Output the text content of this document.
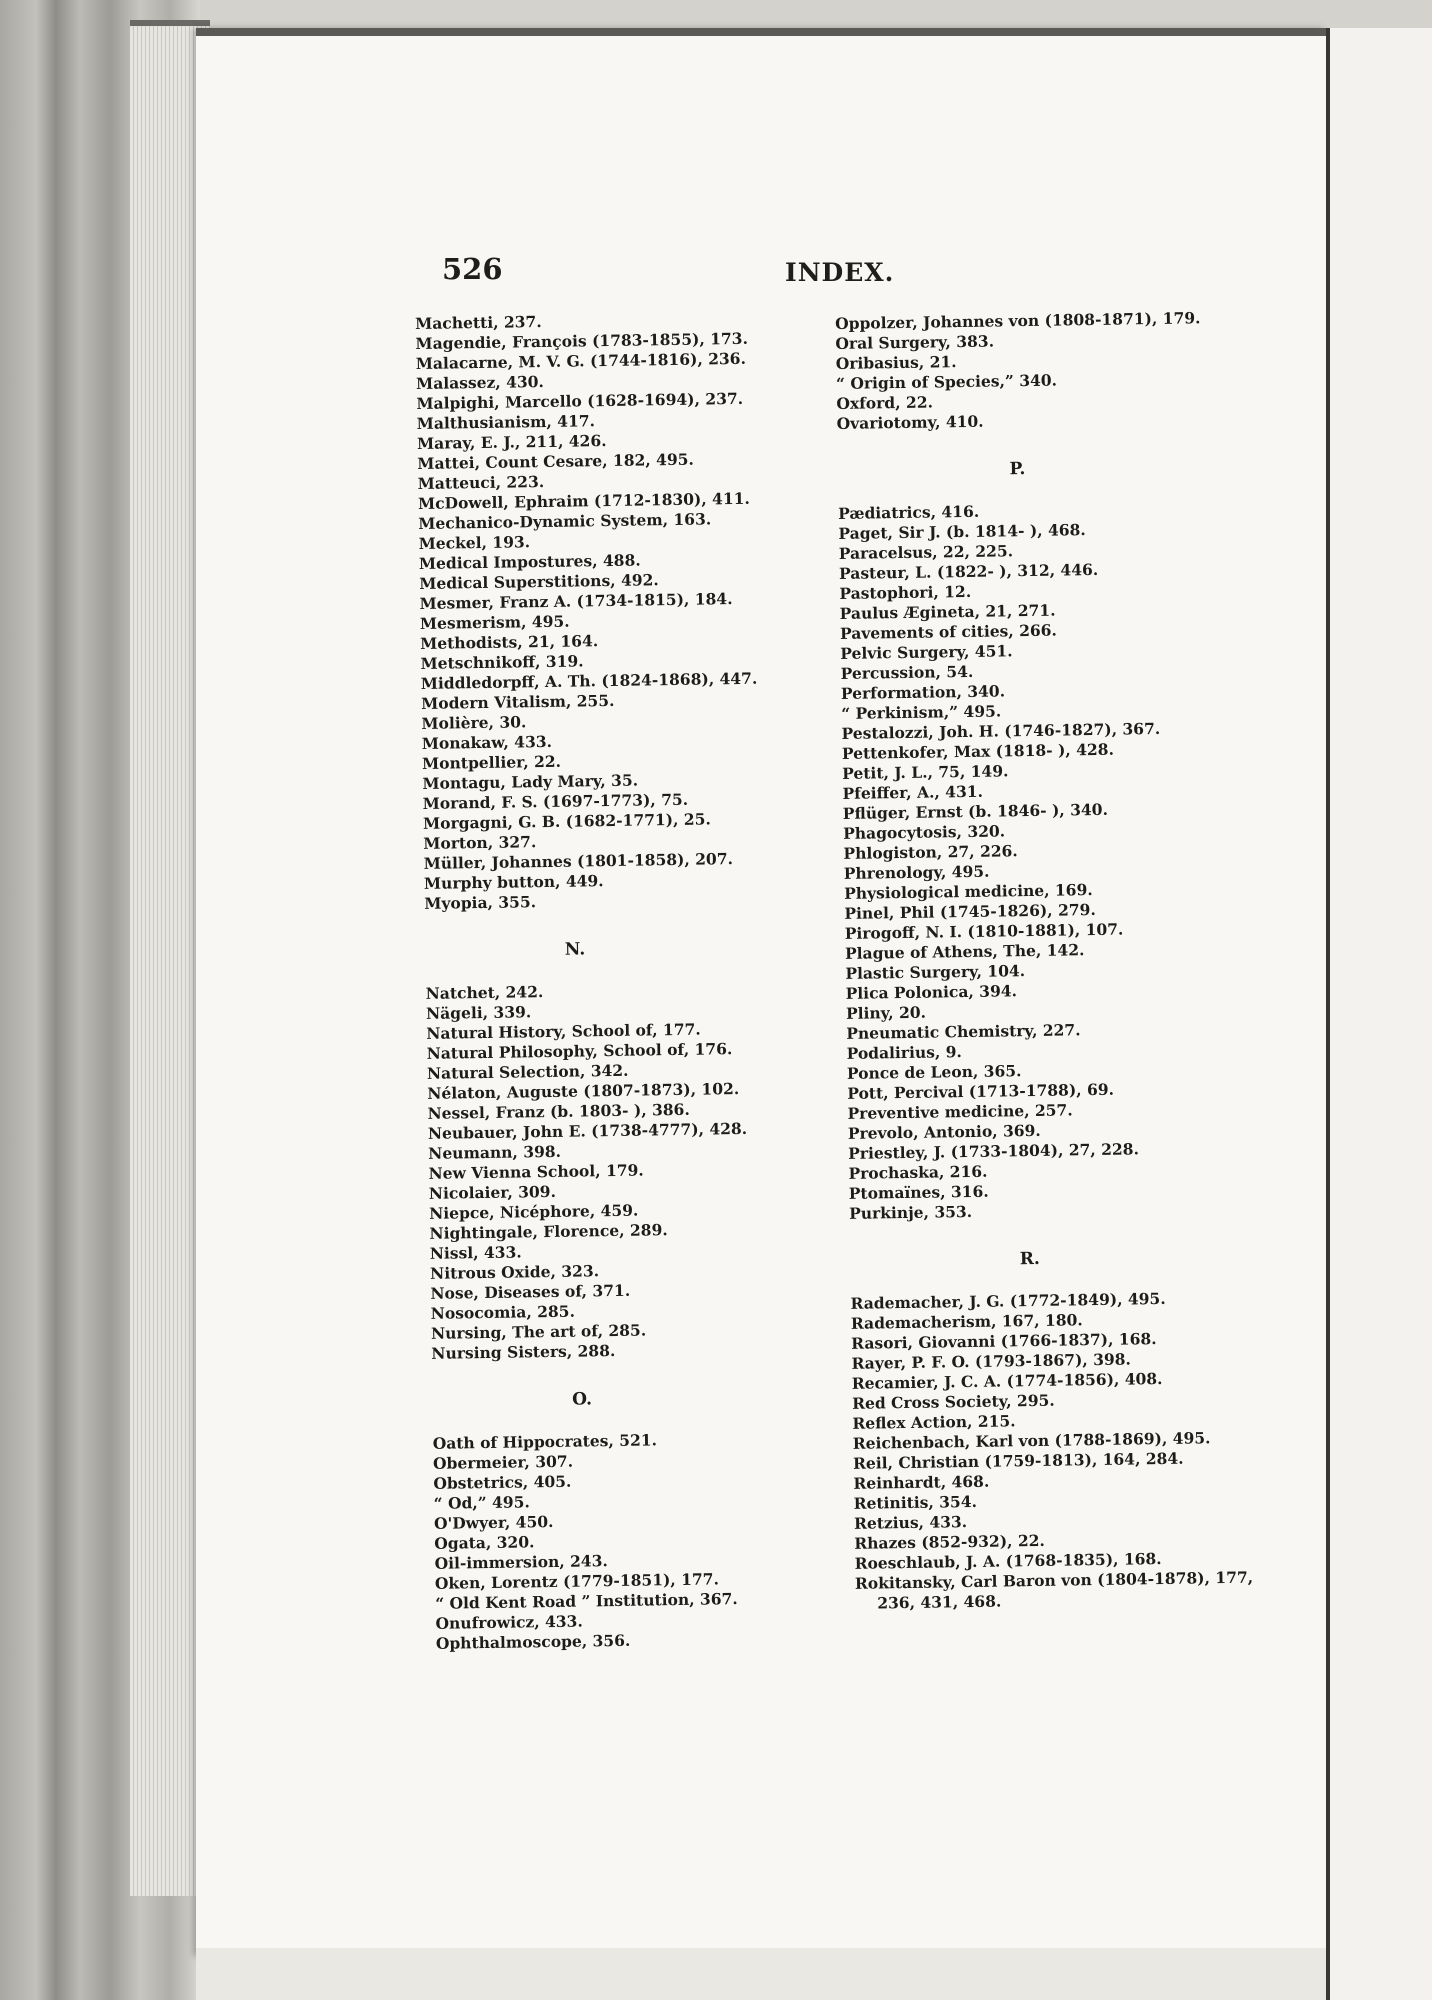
526	INDEX.
Machetti, 237.
Magendie, François (1783-1855), 173.
Malacarne, M. V. G. (1744-1816), 236.
Malassez, 430.
Malpighi, Marcello (1628-1694), 237.
Malthusianism, 417.
Maray, E. J., 211, 426.
Mattei, Count Cesare, 182, 495.
Matteuci, 223.
McDowell, Ephraim (1712-1830), 411.
Mechanico-Dynamic System, 163.
Meckel, 193.
Medical Impostures, 488.
Medical Superstitions, 492.
Mesmer, Franz A. (1734-1815), 184.
Mesmerism, 495.
Methodists, 21, 164.
Metschnikoff, 319.
Middledorpff, A. Th. (1824-1868), 447.
Modern Vitalism, 255.
Molière, 30.
Monakaw, 433.
Montpellier, 22.
Montagu, Lady Mary, 35.
Morand, F. S. (1697-1773), 75.
Morgagni, G. B. (1682-1771), 25.
Morton, 327.
Müller, Johannes (1801-1858), 207.
Murphy button, 449.
Myopia, 355.
N.
Natchet, 242.
Nägeli, 339.
Natural History, School of, 177.
Natural Philosophy, School of, 176.
Natural Selection, 342.
Nélaton, Auguste (1807-1873), 102.
Nessel, Franz (b. 1803- ), 386.
Neubauer, John E. (1738-4777), 428.
Neumann, 398.
New Vienna School, 179.
Nicolaier, 309.
Niepce, Nicéphore, 459.
Nightingale, Florence, 289.
Nissl, 433.
Nitrous Oxide, 323.
Nose, Diseases of, 371.
Nosocomia, 285.
Nursing, The art of, 285.
Nursing Sisters, 288.
O.
Oath of Hippocrates, 521.
Obermeier, 307.
Obstetrics, 405.
“ Od,” 495.
O'Dwyer, 450.
Ogata, 320.
Oil-immersion, 243.
Oken, Lorentz (1779-1851), 177.
“ Old Kent Road ” Institution, 367.
Onufrowicz, 433.
Ophthalmoscope, 356.
Oppolzer, Johannes von (1808-1871), 179.
Oral Surgery, 383.
Oribasius, 21.
“ Origin of Species,” 340.
Oxford, 22.
Ovariotomy, 410.
P.
Pædiatrics, 416.
Paget, Sir J. (b. 1814- ), 468.
Paracelsus, 22, 225.
Pasteur, L. (1822- ), 312, 446.
Pastophori, 12.
Paulus Ægineta, 21, 271.
Pavements of cities, 266.
Pelvic Surgery, 451.
Percussion, 54.
Performation, 340.
“ Perkinism,” 495.
Pestalozzi, Joh. H. (1746-1827), 367.
Pettenkofer, Max (1818- ), 428.
Petit, J. L., 75, 149.
Pfeiffer, A., 431.
Pflüger, Ernst (b. 1846- ), 340.
Phagocytosis, 320.
Phlogiston, 27, 226.
Phrenology, 495.
Physiological medicine, 169.
Pinel, Phil (1745-1826), 279.
Pirogoff, N. I. (1810-1881), 107.
Plague of Athens, The, 142.
Plastic Surgery, 104.
Plica Polonica, 394.
Pliny, 20.
Pneumatic Chemistry, 227.
Podalirius, 9.
Ponce de Leon, 365.
Pott, Percival (1713-1788), 69.
Preventive medicine, 257.
Prevolo, Antonio, 369.
Priestley, J. (1733-1804), 27, 228.
Prochaska, 216.
Ptomaïnes, 316.
Purkinje, 353.
R.
Rademacher, J. G. (1772-1849), 495.
Rademacherism, 167, 180.
Rasori, Giovanni (1766-1837), 168.
Rayer, P. F. O. (1793-1867), 398.
Recamier, J. C. A. (1774-1856), 408.
Red Cross Society, 295.
Reflex Action, 215.
Reichenbach, Karl von (1788-1869), 495.
Reil, Christian (1759-1813), 164, 284.
Reinhardt, 468.
Retinitis, 354.
Retzius, 433.
Rhazes (852-932), 22.
Roeschlaub, J. A. (1768-1835), 168.
Rokitansky, Carl Baron von (1804-1878), 177, 236, 431, 468.
